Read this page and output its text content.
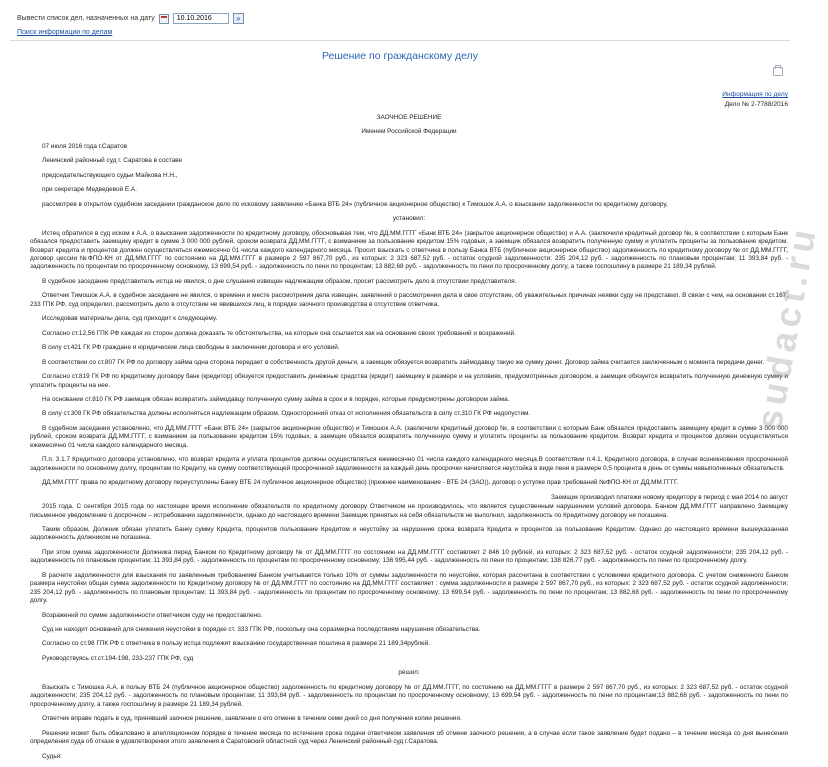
Вывести список дел, назначенных на дату
10.10.2016	»
Поиск информации по делам
Решение по гражданскому делу
Информация по делу
Дело № 2-7788/2016

ЗАОЧНОЕ РЕШЕНИЕ

Именем Российской Федерации

07 июля 2016 года г.Саратов

Ленинский районный суд г. Саратова в составе

председательствующего судьи Майкова Н.Н.,

при секретаре Медведевой Е.А.

рассмотрев в открытом судебном заседании гражданское дело по исковому заявлению «Банка ВТБ 24» (публичное акционерное общество) к Тимошок А.А. о взыскании задолженности по кредитному договору,

установил:

Истец обратился в суд иском к А.А. о взыскании задолженности по кредитному договору, обосновывая тем, что ДД.ММ.ГГГГ «Банк ВТБ 24» (закрытое акционерное общество) и А.А. (заключили кредитный договор №, в соответствии с которым Банк обязался предоставить заемщику кредит в сумме 3 000 000 рублей, сроком возврата ДД.ММ.ГГГГ, с взиманием за пользование кредитом 15% годовых, а заемщик обязался возвратить полученную сумму и уплатить проценты за пользование кредитом. Возврат кредита и процентов должен осуществляться ежемесячно 01 числа каждого календарного месяца. Просит взыскать с ответчика в пользу Банка ВТБ (публичное акционерное общество) задолженность по кредитному договору № от ДД.ММ.ГГГГ, договор цессии №ФПО-КН от ДД.ММ.ГГГГ по состоянию на ДД.ММ.ГГГГ в размере 2 597 867,70 руб., из которых: 2 323 687,52 руб. - остаток ссудной задолженности; 235 204,12 руб. - задолженность по плановым процентам; 11 393,84 руб. - задолженность по процентам по просроченному основному, 13 699,54 руб. - задолженность по пени по процентам; 13 882,68 руб. - задолженность по пени по просроченному долгу, а также госпошлину в размере 21 189,34 рублей.

В судебное заседание представитель истца не явился, о дне слушания извещен надлежащим образом, просит рассмотреть дело в отсутствии представителя.

Ответчик Тимошок А.А. в судебное заседание не явился, о времени и месте рассмотрения дела извещен, заявлений о рассмотрении дела в свое отсутствие, об уважительных причинах неявки суду не представил. В связи с чем, на основании ст.167, 233 ГПК РФ, суд определил, рассмотреть дело в отсутствие не явившихся лиц, в порядке заочного производства в отсутствие ответчика.

Исследовав материалы дела, суд приходит к следующему.

Согласно ст.12,56 ГПК РФ каждая из сторон должна доказать те обстоятельства, на которые она ссылается как на основание своих требований и возражений.

В силу ст.421 ГК РФ граждане и юридические лица свободны в заключении договора и его условий.

В соответствии со ст.807 ГК РФ по договору займа одна сторона передает в собственность другой деньги, а заемщик обязуется возвратить займодавцу такую же сумму денег. Договор займа считается заключенным с момента передачи денег.

Согласно ст.819 ГК РФ по кредитному договору банк (кредитор) обязуется предоставить денежные средства (кредит) заемщику в размере и на условиях, предусмотренных договором, а заемщик обязуется возвратить полученную денежную сумму и уплатить проценты на нее.

На основании ст.810 ГК РФ заемщик обязан возвратить займодавцу полученную сумму займа в срок и в порядке, которые предусмотрены договором займа.

В силу ст.309 ГК РФ обязательства должны исполняться надлежащим образом. Односторонний отказ от исполнения обязательств в силу ст.310 ГК РФ недопустим.

В судебном заседании установлено, что ДД.ММ.ГГГГ «Банк ВТБ 24» (закрытое акционерное общество) и Тимошок А.А. (заключили кредитный договор №, в соответствии с которым Банк обязался предоставить заемщику кредит в сумме 3 000 000 рублей, сроком возврата ДД.ММ.ГГГГ, с взиманием за пользование кредитом 15% годовых, а заемщик обязался возвратить полученную сумму и уплатить проценты за пользование кредитом. Возврат кредита и процентов должен осуществляться ежемесячно 01 числа каждого календарного месяца.

П.п. 3.1.7 Кредитного договора установлено, что возврат кредита и уплата процентов должны осуществляться ежемесячно 01 числа каждого календарного месяца.В соответствии п.4.1. Кредитного договора, в случае возникновения просроченной задолженности по основному долгу, процентам по Кредиту, на сумму соответствующей просроченной задолженности за каждый день просрочки начисляется неустойка в виде пени в размере 0,5 процента в день от суммы невыполненных обязательств.

ДД.ММ.ГГГГ права по кредитному договору переуступлены Банку ВТБ 24 публичное акционерное общество) (прежнее наименование - ВТБ 24 (ЗАО)), договор о уступке прав требований №ФПО-КН от ДД.ММ.ГГГГ.

Заемщик производил платежи новому кредитору в период с мая 2014 по август

2015 года. С сентября 2015 года по настоящее время исполнение обязательств по кредитному договору Ответчиком не производилось, что является существенным нарушением условий договора. Банком ДД.ММ.ГГГГ направлено Заемщику письменное уведомление о досрочном – истребовании задолженности, однако до настоящего времени Заемщик принятых на себя обязательств не выполнил, задолженность по Кредитному договору не погашена.

Таким образом, Должник обязан уплатить Банку сумму Кредита, процентов пользование Кредитом и неустойку за нарушение срока возврата Кредита и процентов за пользование Кредитом. Однако до настоящего времени вышеуказанная задолженность должником не погашена.

При этом сумма задолженности Должника перед Банком по Кредитному договору № от ДД.ММ.ГГГГ по состоянию на ДД.ММ.ГГГГ составляет 2 846 10 рублей, из которых: 2 323 687,52 руб. - остаток ссудной задолженности; 235 204,12 руб. - задолженность по плановым процентам; 11 393,84 руб. - задолженность по процентам по просроченному основному; 136 995,44 руб. - задолженность по пени по процентам; 138 826,77 руб. - задолженность по пени по просроченному долгу.

В расчете задолженности для взыскания по заявленным требованиям Банком учитывается только 10% от суммы задолженности по неустойке, которая рассчитана в соответствии с условиями кредитного договора. С учетом сниженного Банком размера неустойки общая сумма задолженности по Кредитному договору № от ДД.ММ.ГГГГ по состоянию на ДД.ММ.ГГГГ составляет : сумма задолженности в размере 2 597 867,70 руб., из которых: 2 323 687,52 руб. - остаток ссудной задолженности; 235 204,12 руб. - задолженность по плановым процентам; 11 393,84 руб. - задолженность по процентам по просроченному основному; 13 699,54 руб. - задолженность по пени по процентам; 13 882,68 руб. - задолженность по пени по просроченному долгу.

Возражений по сумме задолженности ответчиком суду не предоставлено.

Суд не находит оснований для снижения неустойки в порядке ст. 333 ГПК РФ, поскольку она соразмерна последствиям нарушения обязательства.

Согласно со ст.98 ГПК РФ с ответчика в пользу истца подлежит взысканию государственная пошлина в размере 21 189,34рублей.

Руководствуясь ст.ст.194-198, 233-237 ГПК РФ, суд

решил:

Взыскать с Тимошка А.А. в пользу ВТБ 24 (публичное акционерное общество) задолженность по кредитному договору № от ДД.ММ.ГГГГ, по состоянию на ДД.ММ.ГГГГ в размере 2 597 867,70 руб., из которых: 2 323 687,52 руб. - остаток ссудной задолженности; 235 204,12 руб. - задолженность по плановым процентам; 11 393,84 руб. - задолженность по процентам по просроченному основному; 13 699,54 руб. - задолженность по пени по процентам;13 882,68 руб. - задолженность по пени по просроченному долгу, а также госпошлину в размере 21 189,34 рублей.

Ответчик вправе подать в суд, принявший заочное решение, заявление о его отмене в течение семи дней со дня получения копии решения.

Решение может быть обжаловано в апелляционном порядке в течение месяца по истечении срока подачи ответчиком заявления об отмене заочного решения, а в случае если такое заявление будет подано – в течение месяца со дня вынесения определения суда об отказе в удовлетворении этого заявления в Саратовский областной суд через Ленинский районный суд г.Саратова.

Судья:

sudact.ru
